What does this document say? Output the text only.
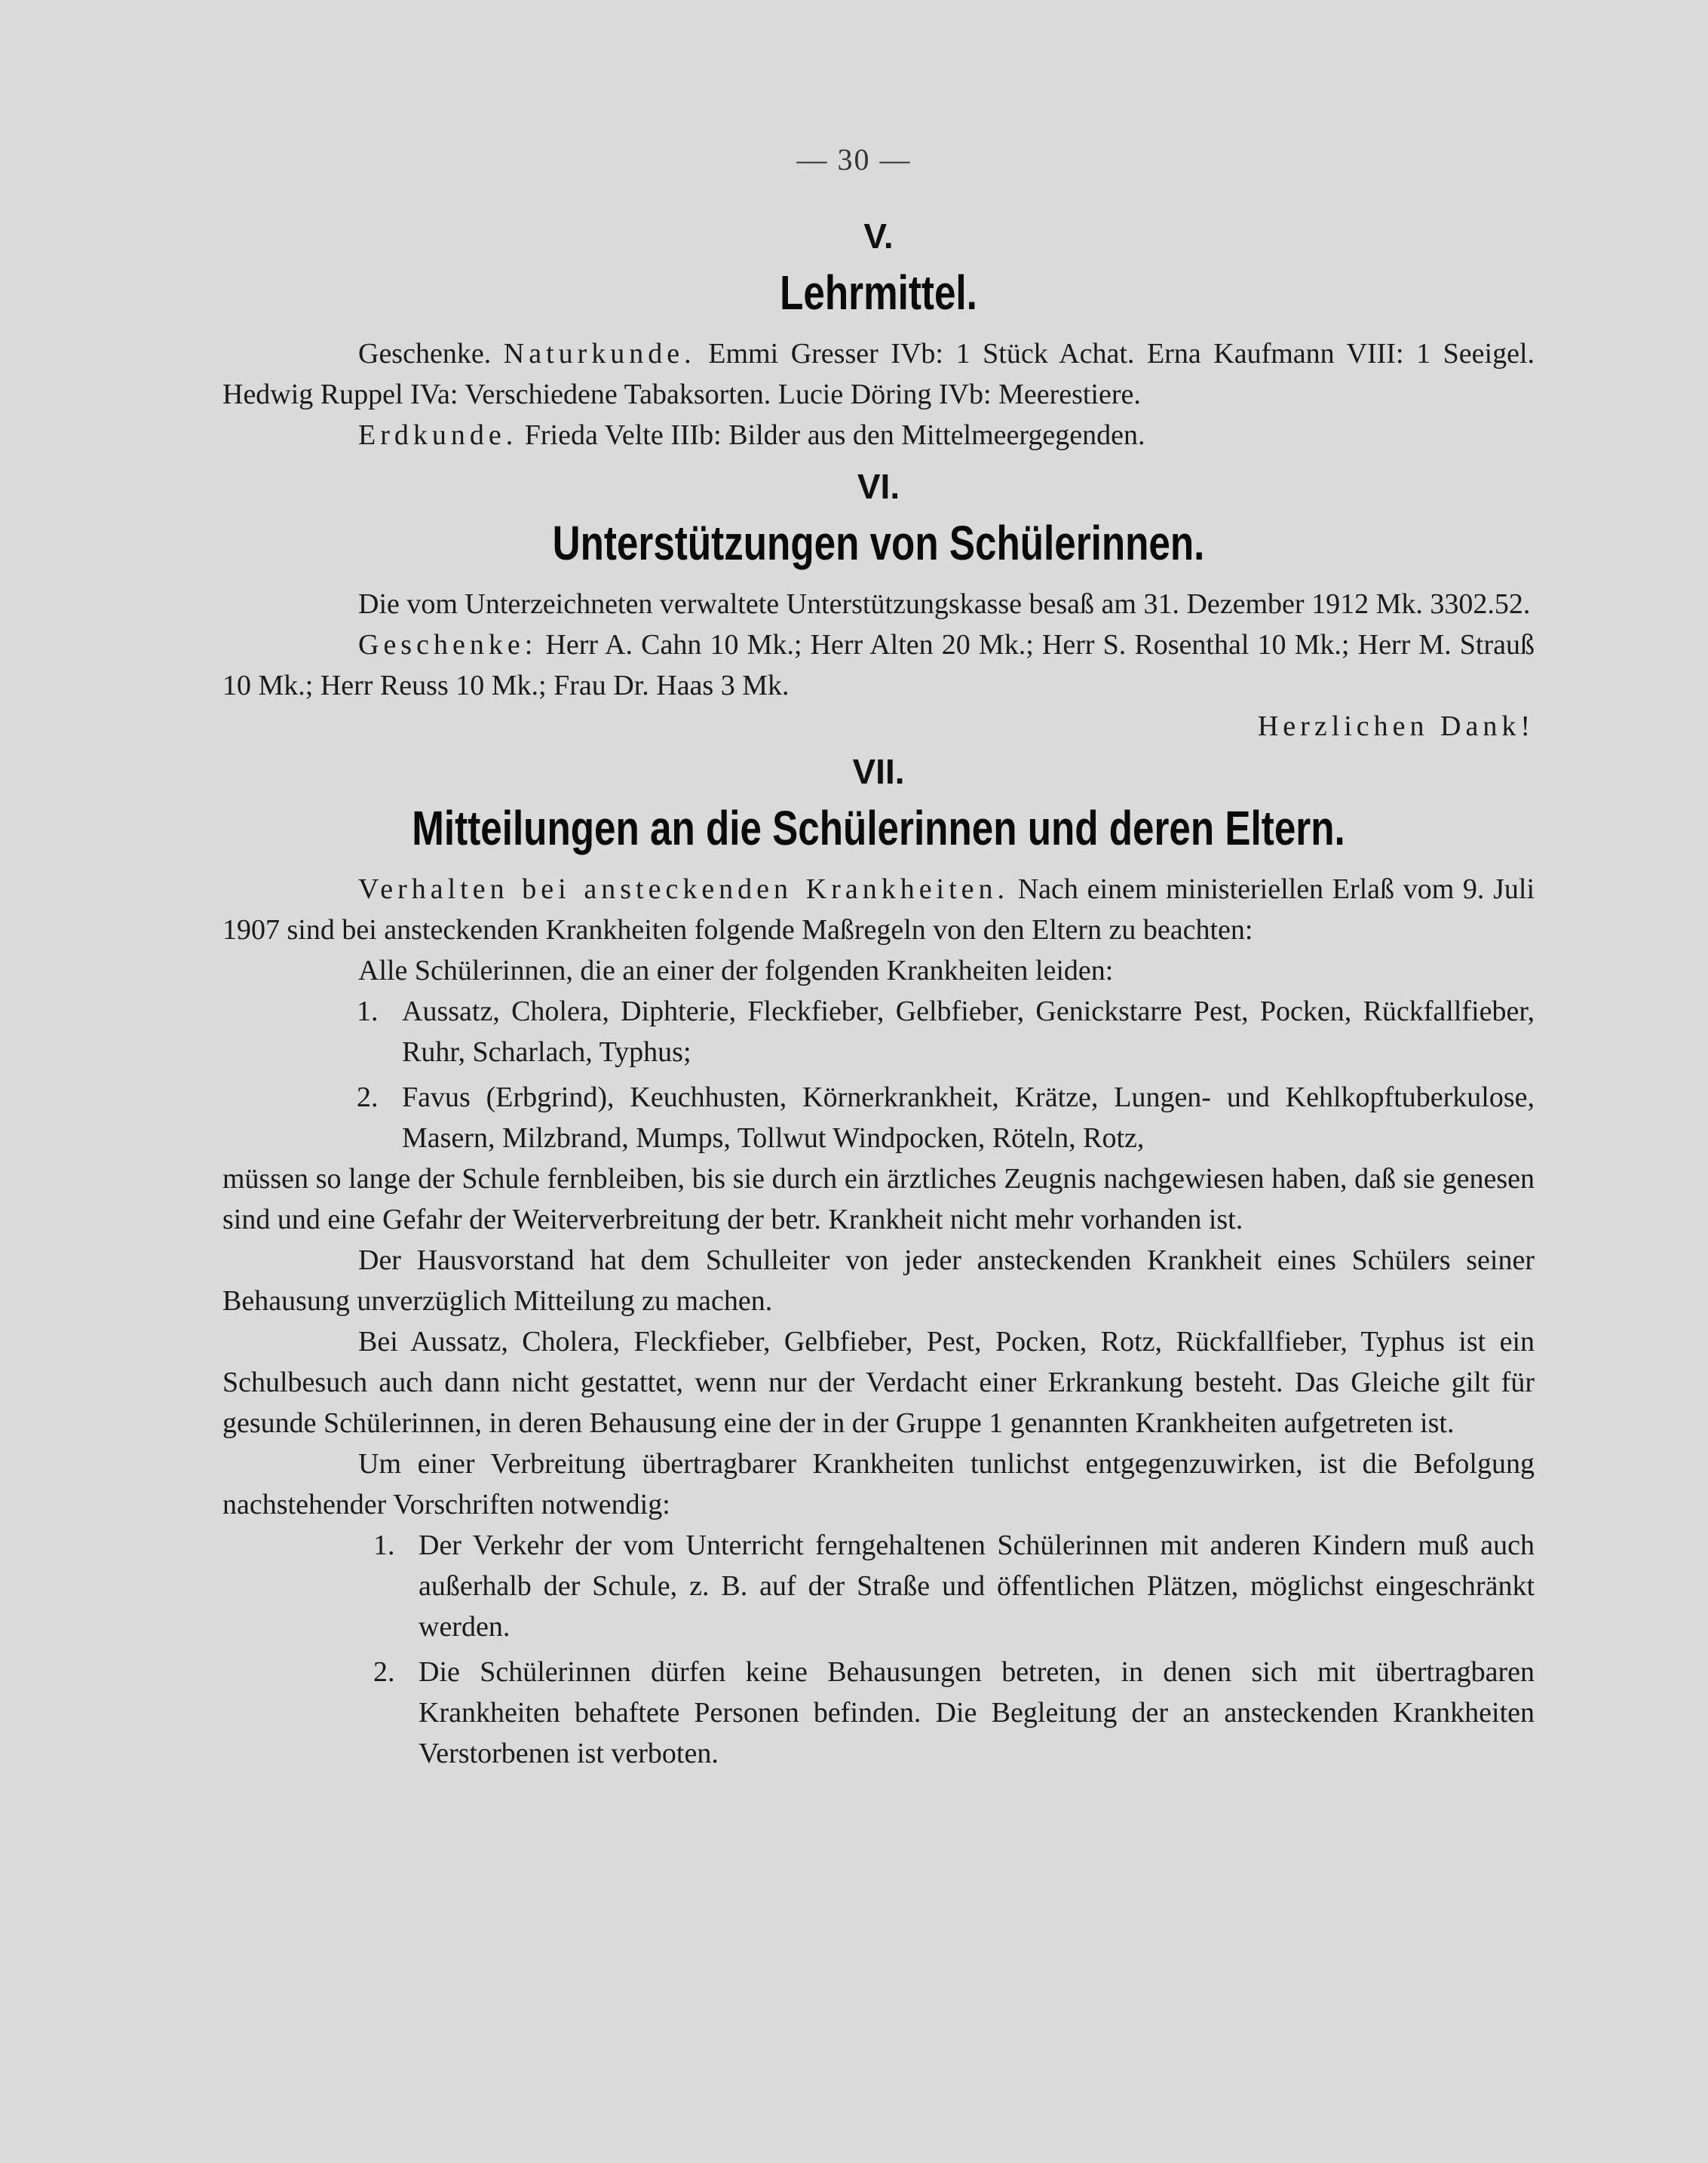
— 30 —
V.
Lehrmittel.

Geschenke. Naturkunde. Emmi Gresser IVb: 1 Stück Achat. Erna Kaufmann VIII: 1 Seeigel. Hedwig Ruppel IVa: Verschiedene Tabaksorten. Lucie Döring IVb: Meerestiere.

Erdkunde. Frieda Velte IIIb: Bilder aus den Mittelmeergegenden.

VI.
Unterstützungen von Schülerinnen.

Die vom Unterzeichneten verwaltete Unterstützungskasse besaß am 31. Dezember 1912 Mk. 3302.52.

Geschenke: Herr A. Cahn 10 Mk.; Herr Alten 20 Mk.; Herr S. Rosenthal 10 Mk.; Herr M. Strauß 10 Mk.; Herr Reuss 10 Mk.; Frau Dr. Haas 3 Mk.

Herzlichen Dank!

VII.
Mitteilungen an die Schülerinnen und deren Eltern.

Verhalten bei ansteckenden Krankheiten. Nach einem ministeriellen Erlaß vom 9. Juli 1907 sind bei ansteckenden Krankheiten folgende Maßregeln von den Eltern zu beachten:

Alle Schülerinnen, die an einer der folgenden Krankheiten leiden:

1. Aussatz, Cholera, Diphterie, Fleckfieber, Gelbfieber, Genickstarre Pest, Pocken, Rückfallfieber, Ruhr, Scharlach, Typhus;
2. Favus (Erbgrind), Keuchhusten, Körnerkrankheit, Krätze, Lungen- und Kehlkopftuberkulose, Masern, Milzbrand, Mumps, Tollwut Windpocken, Röteln, Rotz,

müssen so lange der Schule fernbleiben, bis sie durch ein ärztliches Zeugnis nachgewiesen haben, daß sie genesen sind und eine Gefahr der Weiterverbreitung der betr. Krankheit nicht mehr vorhanden ist.

Der Hausvorstand hat dem Schulleiter von jeder ansteckenden Krankheit eines Schülers seiner Behausung unverzüglich Mitteilung zu machen.

Bei Aussatz, Cholera, Fleckfieber, Gelbfieber, Pest, Pocken, Rotz, Rückfallfieber, Typhus ist ein Schulbesuch auch dann nicht gestattet, wenn nur der Verdacht einer Erkrankung besteht. Das Gleiche gilt für gesunde Schülerinnen, in deren Behausung eine der in der Gruppe 1 genannten Krankheiten aufgetreten ist.

Um einer Verbreitung übertragbarer Krankheiten tunlichst entgegenzuwirken, ist die Befolgung nachstehender Vorschriften notwendig:

1. Der Verkehr der vom Unterricht ferngehaltenen Schülerinnen mit anderen Kindern muß auch außerhalb der Schule, z. B. auf der Straße und öffentlichen Plätzen, möglichst eingeschränkt werden.
2. Die Schülerinnen dürfen keine Behausungen betreten, in denen sich mit übertragbaren Krankheiten behaftete Personen befinden. Die Begleitung der an ansteckenden Krankheiten Verstorbenen ist verboten.
